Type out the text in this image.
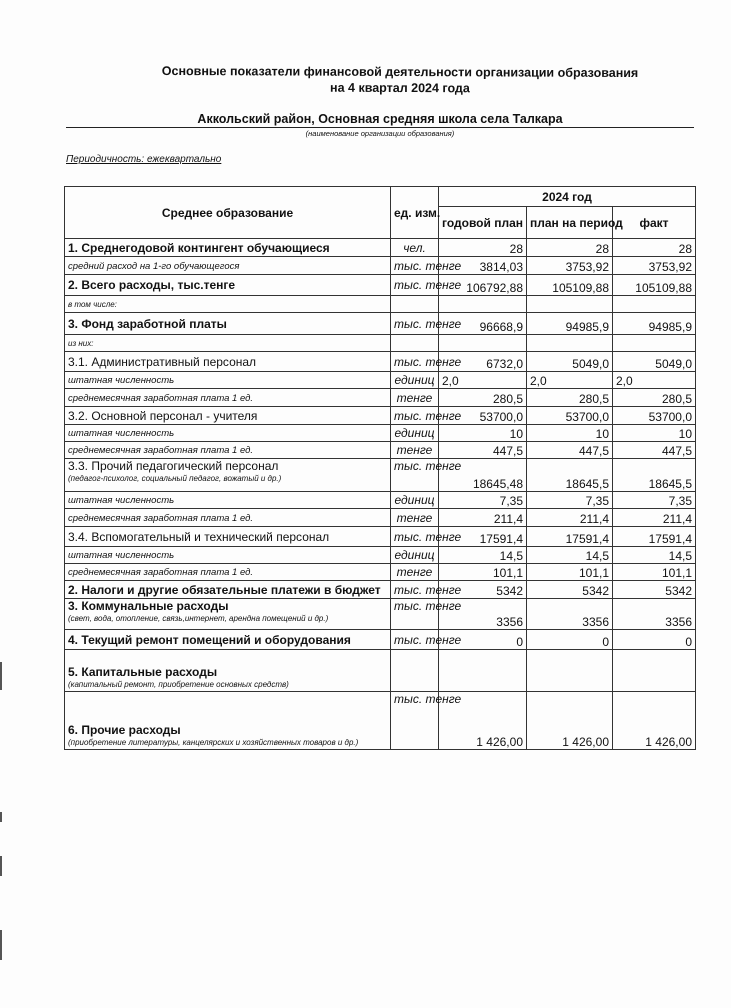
Основные показатели финансовой деятельности организации образования
на 4 квартал 2024 года
Аккольский район, Основная средняя школа села Талкара
(наименование организации образования)
Периодичность: ежеквартально
Среднее образование	ед. изм.	2024 год		
		годовой план	план на период	факт
1. Среднегодовой контингент обучающиеся	чел.	28	28	28
средний расход на 1-го обучающегося	тыс. тенге	3814,03	3753,92	3753,92
2. Всего расходы, тыс.тенге	тыс. тенге	106792,88	105109,88	105109,88
в том числе:				
3. Фонд заработной платы	тыс. тенге	96668,9	94985,9	94985,9
из них:				
3.1. Административный персонал	тыс. тенге	6732,0	5049,0	5049,0
штатная численность	единиц	2,0	2,0	2,0
среднемесячная заработная плата 1 ед.	тенге	280,5	280,5	280,5
3.2. Основной персонал - учителя	тыс. тенге	53700,0	53700,0	53700,0
штатная численность	единиц	10	10	10
среднемесячная заработная плата 1 ед.	тенге	447,5	447,5	447,5
3.3. Прочий педагогический персонал
(педагог-психолог, социальный педагог, вожатый и др.)	тыс. тенге	18645,48	18645,5	18645,5
штатная численность	единиц	7,35	7,35	7,35
среднемесячная заработная плата 1 ед.	тенге	211,4	211,4	211,4
3.4. Вспомогательный и технический персонал	тыс. тенге	17591,4	17591,4	17591,4
штатная численность	единиц	14,5	14,5	14,5
среднемесячная заработная плата 1 ед.	тенге	101,1	101,1	101,1
2. Налоги и другие обязательные платежи в бюджет	тыс. тенге	5342	5342	5342
3. Коммунальные расходы
(свет, вода, отопление, связь,интернет, арендна помещений и др.)	тыс. тенге	3356	3356	3356
4. Текущий ремонт помещений и оборудования	тыс. тенге	0	0	0
5. Капитальные расходы
(капитальный ремонт, приобретение основных средств)				

6. Прочие расходы
(приобретение литературы, канцелярских и хозяйственных товаров и др.)	тыс. тенге	1 426,00	1 426,00	1 426,00
